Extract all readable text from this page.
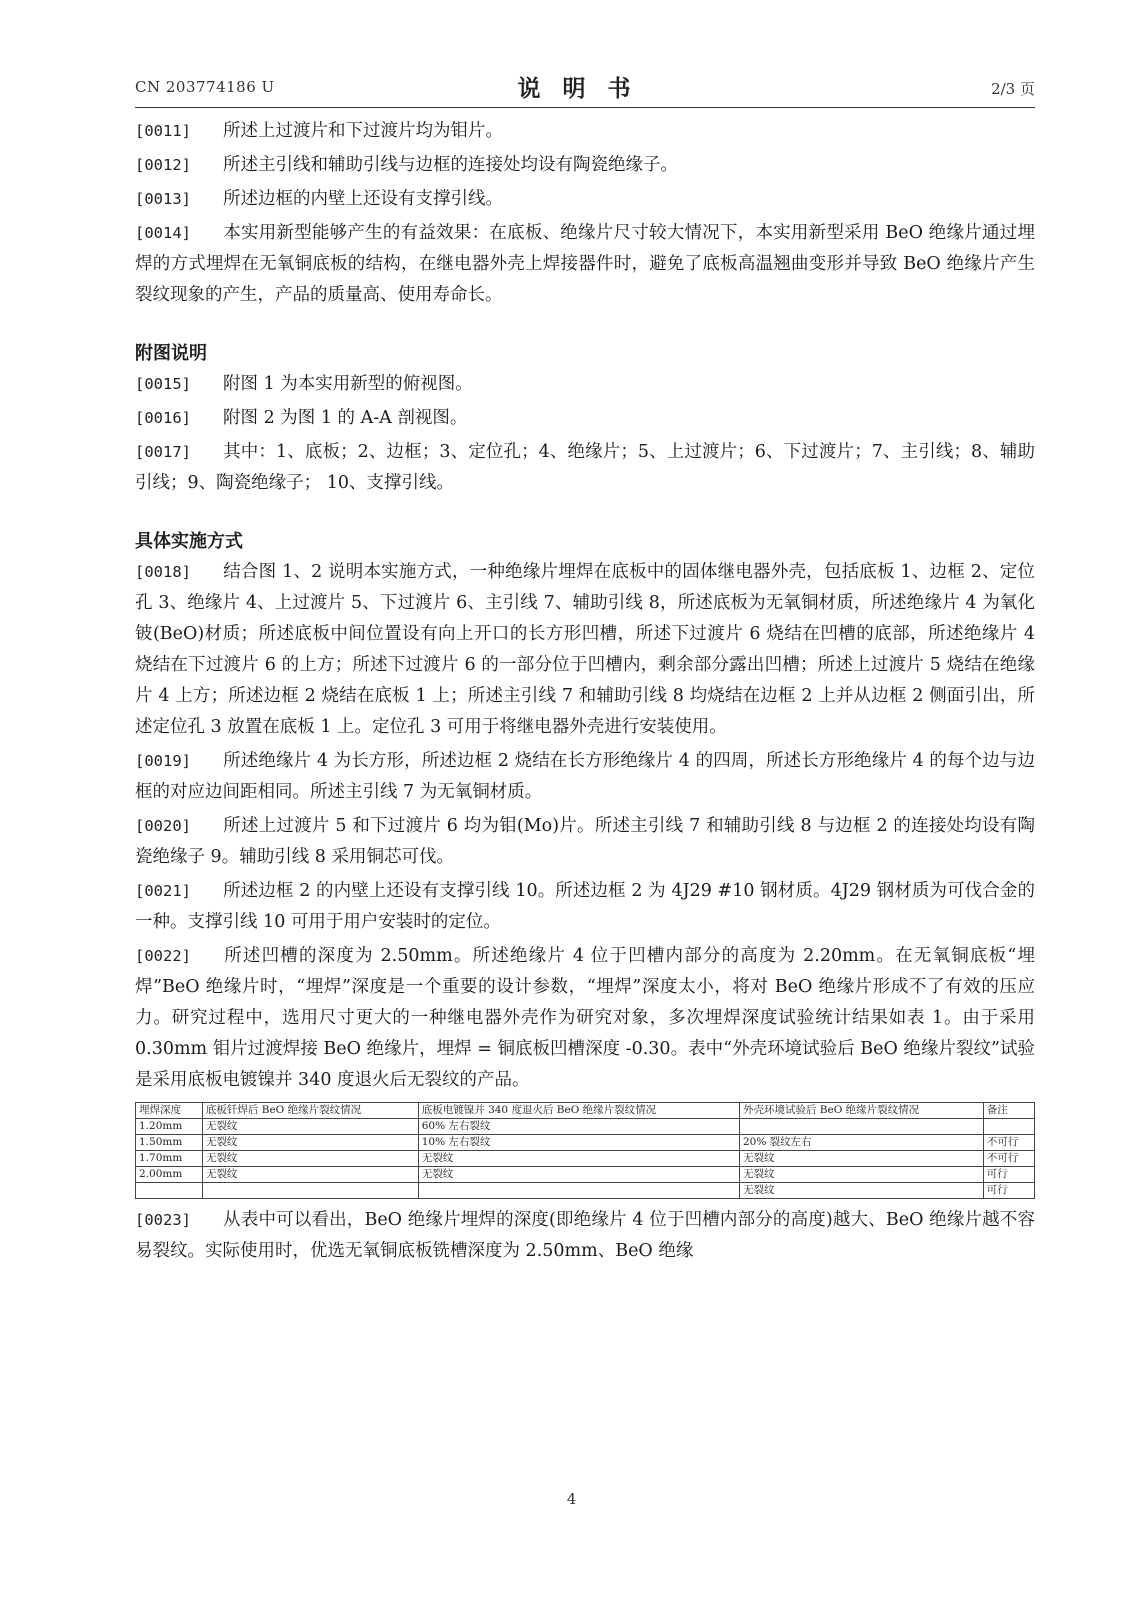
CN 203774186 U	说明书	2/3 页

[0011] 所述上过渡片和下过渡片均为钼片。

[0012] 所述主引线和辅助引线与边框的连接处均设有陶瓷绝缘子。

[0013] 所述边框的内壁上还设有支撑引线。

[0014] 本实用新型能够产生的有益效果：在底板、绝缘片尺寸较大情况下，本实用新型采用 BeO 绝缘片通过埋焊的方式埋焊在无氧铜底板的结构，在继电器外壳上焊接器件时，避免了底板高温翘曲变形并导致 BeO 绝缘片产生裂纹现象的产生，产品的质量高、使用寿命长。

附图说明

[0015] 附图 1 为本实用新型的俯视图。

[0016] 附图 2 为图 1 的 A-A 剖视图。

[0017] 其中：1、底板；2、边框；3、定位孔；4、绝缘片；5、上过渡片；6、下过渡片；7、主引线；8、辅助引线；9、陶瓷绝缘子； 10、支撑引线。

具体实施方式

[0018] 结合图 1、2 说明本实施方式，一种绝缘片埋焊在底板中的固体继电器外壳，包括底板 1、边框 2、定位孔 3、绝缘片 4、上过渡片 5、下过渡片 6、主引线 7、辅助引线 8，所述底板为无氧铜材质，所述绝缘片 4 为氧化铍(BeO)材质；所述底板中间位置设有向上开口的长方形凹槽，所述下过渡片 6 烧结在凹槽的底部，所述绝缘片 4 烧结在下过渡片 6 的上方；所述下过渡片 6 的一部分位于凹槽内，剩余部分露出凹槽；所述上过渡片 5 烧结在绝缘片 4 上方；所述边框 2 烧结在底板 1 上；所述主引线 7 和辅助引线 8 均烧结在边框 2 上并从边框 2 侧面引出，所述定位孔 3 放置在底板 1 上。定位孔 3 可用于将继电器外壳进行安装使用。

[0019] 所述绝缘片 4 为长方形，所述边框 2 烧结在长方形绝缘片 4 的四周，所述长方形绝缘片 4 的每个边与边框的对应边间距相同。所述主引线 7 为无氧铜材质。

[0020] 所述上过渡片 5 和下过渡片 6 均为钼(Mo)片。所述主引线 7 和辅助引线 8 与边框 2 的连接处均设有陶瓷绝缘子 9。辅助引线 8 采用铜芯可伐。

[0021] 所述边框 2 的内壁上还设有支撑引线 10。所述边框 2 为 4J29 #10 钢材质。4J29 钢材质为可伐合金的一种。支撑引线 10 可用于用户安装时的定位。

[0022] 所述凹槽的深度为 2.50mm。所述绝缘片 4 位于凹槽内部分的高度为 2.20mm。在无氧铜底板“埋焊”BeO 绝缘片时，“埋焊”深度是一个重要的设计参数，“埋焊”深度太小，将对 BeO 绝缘片形成不了有效的压应力。研究过程中，选用尺寸更大的一种继电器外壳作为研究对象，多次埋焊深度试验统计结果如表 1。由于采用 0.30mm 钼片过渡焊接 BeO 绝缘片，埋焊 = 铜底板凹槽深度 -0.30。表中“外壳环境试验后 BeO 绝缘片裂纹”试验是采用底板电镀镍并 340 度退火后无裂纹的产品。

埋焊深度	底板钎焊后 BeO 绝缘片裂纹情况	底板电镀镍并 340 度退火后 BeO 绝缘片裂纹情况	外壳环境试验后 BeO 绝缘片裂纹情况	备注
1.20mm	无裂纹	60% 左右裂纹		
1.50mm	无裂纹	10% 左右裂纹	20% 裂纹左右	不可行
1.70mm	无裂纹	无裂纹	无裂纹	不可行
2.00mm	无裂纹	无裂纹	无裂纹	可行
			无裂纹	可行

[0023] 从表中可以看出，BeO 绝缘片埋焊的深度(即绝缘片 4 位于凹槽内部分的高度)越大、BeO 绝缘片越不容易裂纹。实际使用时，优选无氧铜底板铣槽深度为 2.50mm、BeO 绝缘

4
